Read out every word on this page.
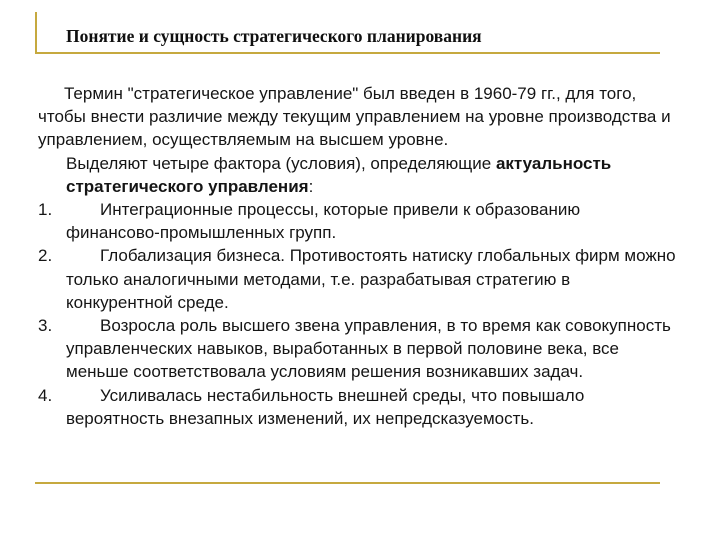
Понятие и сущность стратегического планирования

Термин "стратегическое управление" был введен в 1960-79 гг., для того, чтобы внести различие между текущим управлением на уровне производства и управлением, осуществляемым на высшем уровне.

Выделяют четыре фактора (условия), определяющие актуальность стратегического управления:

1.	Интеграционные процессы, которые привели к образованию финансово-промышленных групп.
2.	Глобализация бизнеса. Противостоять натиску глобальных фирм можно только аналогичными методами, т.е. разрабатывая стратегию в конкурентной среде.
3.	Возросла роль высшего звена управления, в то время как совокупность управленческих навыков, выработанных в первой половине века, все меньше соответствовала условиям решения возникавших задач.
4.	Усиливалась нестабильность внешней среды, что повышало вероятность внезапных изменений, их непредсказуемость.
